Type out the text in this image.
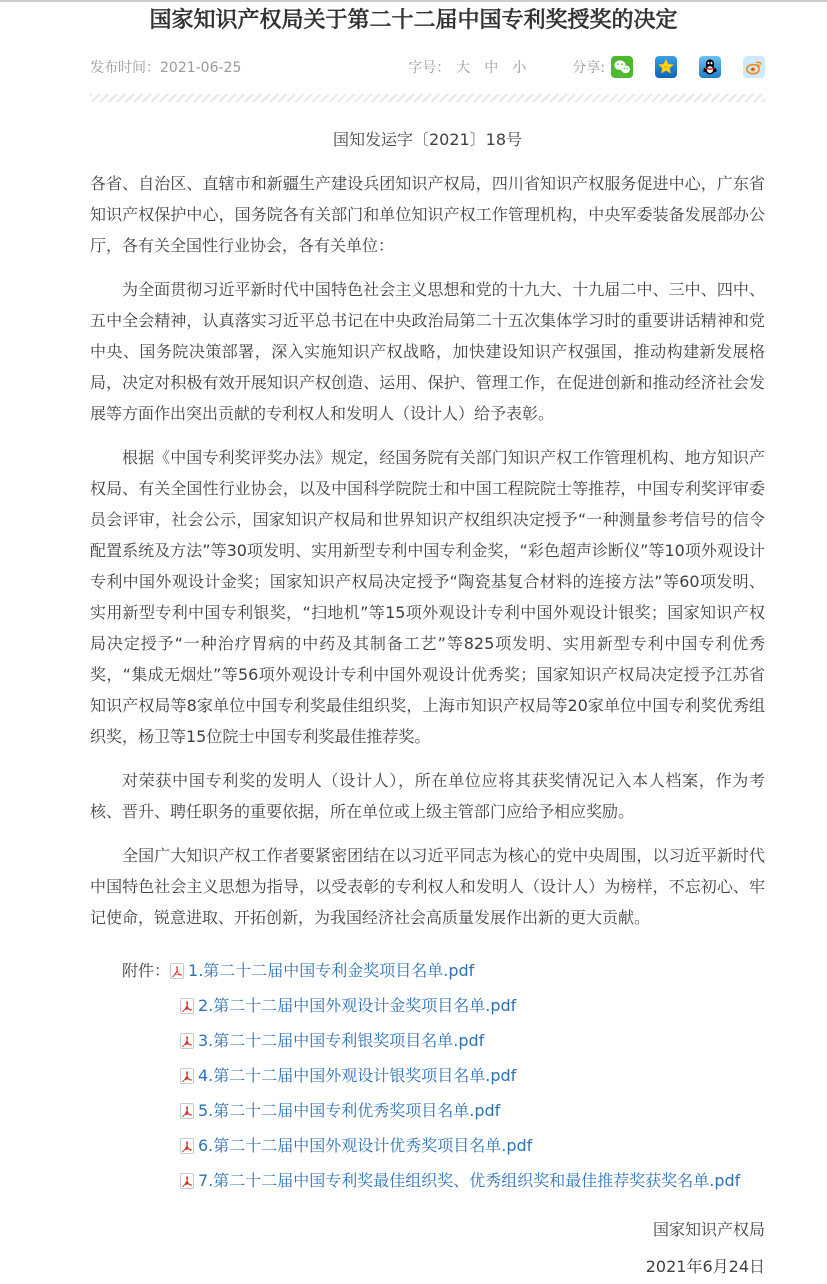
国家知识产权局关于第二十二届中国专利奖授奖的决定
发布时间：2021-06-25	字号： 大 中 小	分享:
国知发运字〔2021〕18号

各省、自治区、直辖市和新疆生产建设兵团知识产权局，四川省知识产权服务促进中心，广东省知识产权保护中心，国务院各有关部门和单位知识产权工作管理机构，中央军委装备发展部办公厅，各有关全国性行业协会，各有关单位：

为全面贯彻习近平新时代中国特色社会主义思想和党的十九大、十九届二中、三中、四中、五中全会精神，认真落实习近平总书记在中央政治局第二十五次集体学习时的重要讲话精神和党中央、国务院决策部署，深入实施知识产权战略，加快建设知识产权强国，推动构建新发展格局，决定对积极有效开展知识产权创造、运用、保护、管理工作，在促进创新和推动经济社会发展等方面作出突出贡献的专利权人和发明人（设计人）给予表彰。

根据《中国专利奖评奖办法》规定，经国务院有关部门知识产权工作管理机构、地方知识产权局、有关全国性行业协会，以及中国科学院院士和中国工程院院士等推荐，中国专利奖评审委员会评审，社会公示，国家知识产权局和世界知识产权组织决定授予“一种测量参考信号的信令配置系统及方法”等30项发明、实用新型专利中国专利金奖，“彩色超声诊断仪”等10项外观设计专利中国外观设计金奖；国家知识产权局决定授予“陶瓷基复合材料的连接方法”等60项发明、实用新型专利中国专利银奖，“扫地机”等15项外观设计专利中国外观设计银奖；国家知识产权局决定授予“一种治疗胃病的中药及其制备工艺”等825项发明、实用新型专利中国专利优秀奖，“集成无烟灶”等56项外观设计专利中国外观设计优秀奖；国家知识产权局决定授予江苏省知识产权局等8家单位中国专利奖最佳组织奖，上海市知识产权局等20家单位中国专利奖优秀组织奖，杨卫等15位院士中国专利奖最佳推荐奖。

对荣获中国专利奖的发明人（设计人），所在单位应将其获奖情况记入本人档案，作为考核、晋升、聘任职务的重要依据，所在单位或上级主管部门应给予相应奖励。

全国广大知识产权工作者要紧密团结在以习近平同志为核心的党中央周围，以习近平新时代中国特色社会主义思想为指导，以受表彰的专利权人和发明人（设计人）为榜样，不忘初心、牢记使命，锐意进取、开拓创新，为我国经济社会高质量发展作出新的更大贡献。

附件： 1.第二十二届中国专利金奖项目名单.pdf
2.第二十二届中国外观设计金奖项目名单.pdf
3.第二十二届中国专利银奖项目名单.pdf
4.第二十二届中国外观设计银奖项目名单.pdf
5.第二十二届中国专利优秀奖项目名单.pdf
6.第二十二届中国外观设计优秀奖项目名单.pdf
7.第二十二届中国专利奖最佳组织奖、优秀组织奖和最佳推荐奖获奖名单.pdf
国家知识产权局
2021年6月24日
